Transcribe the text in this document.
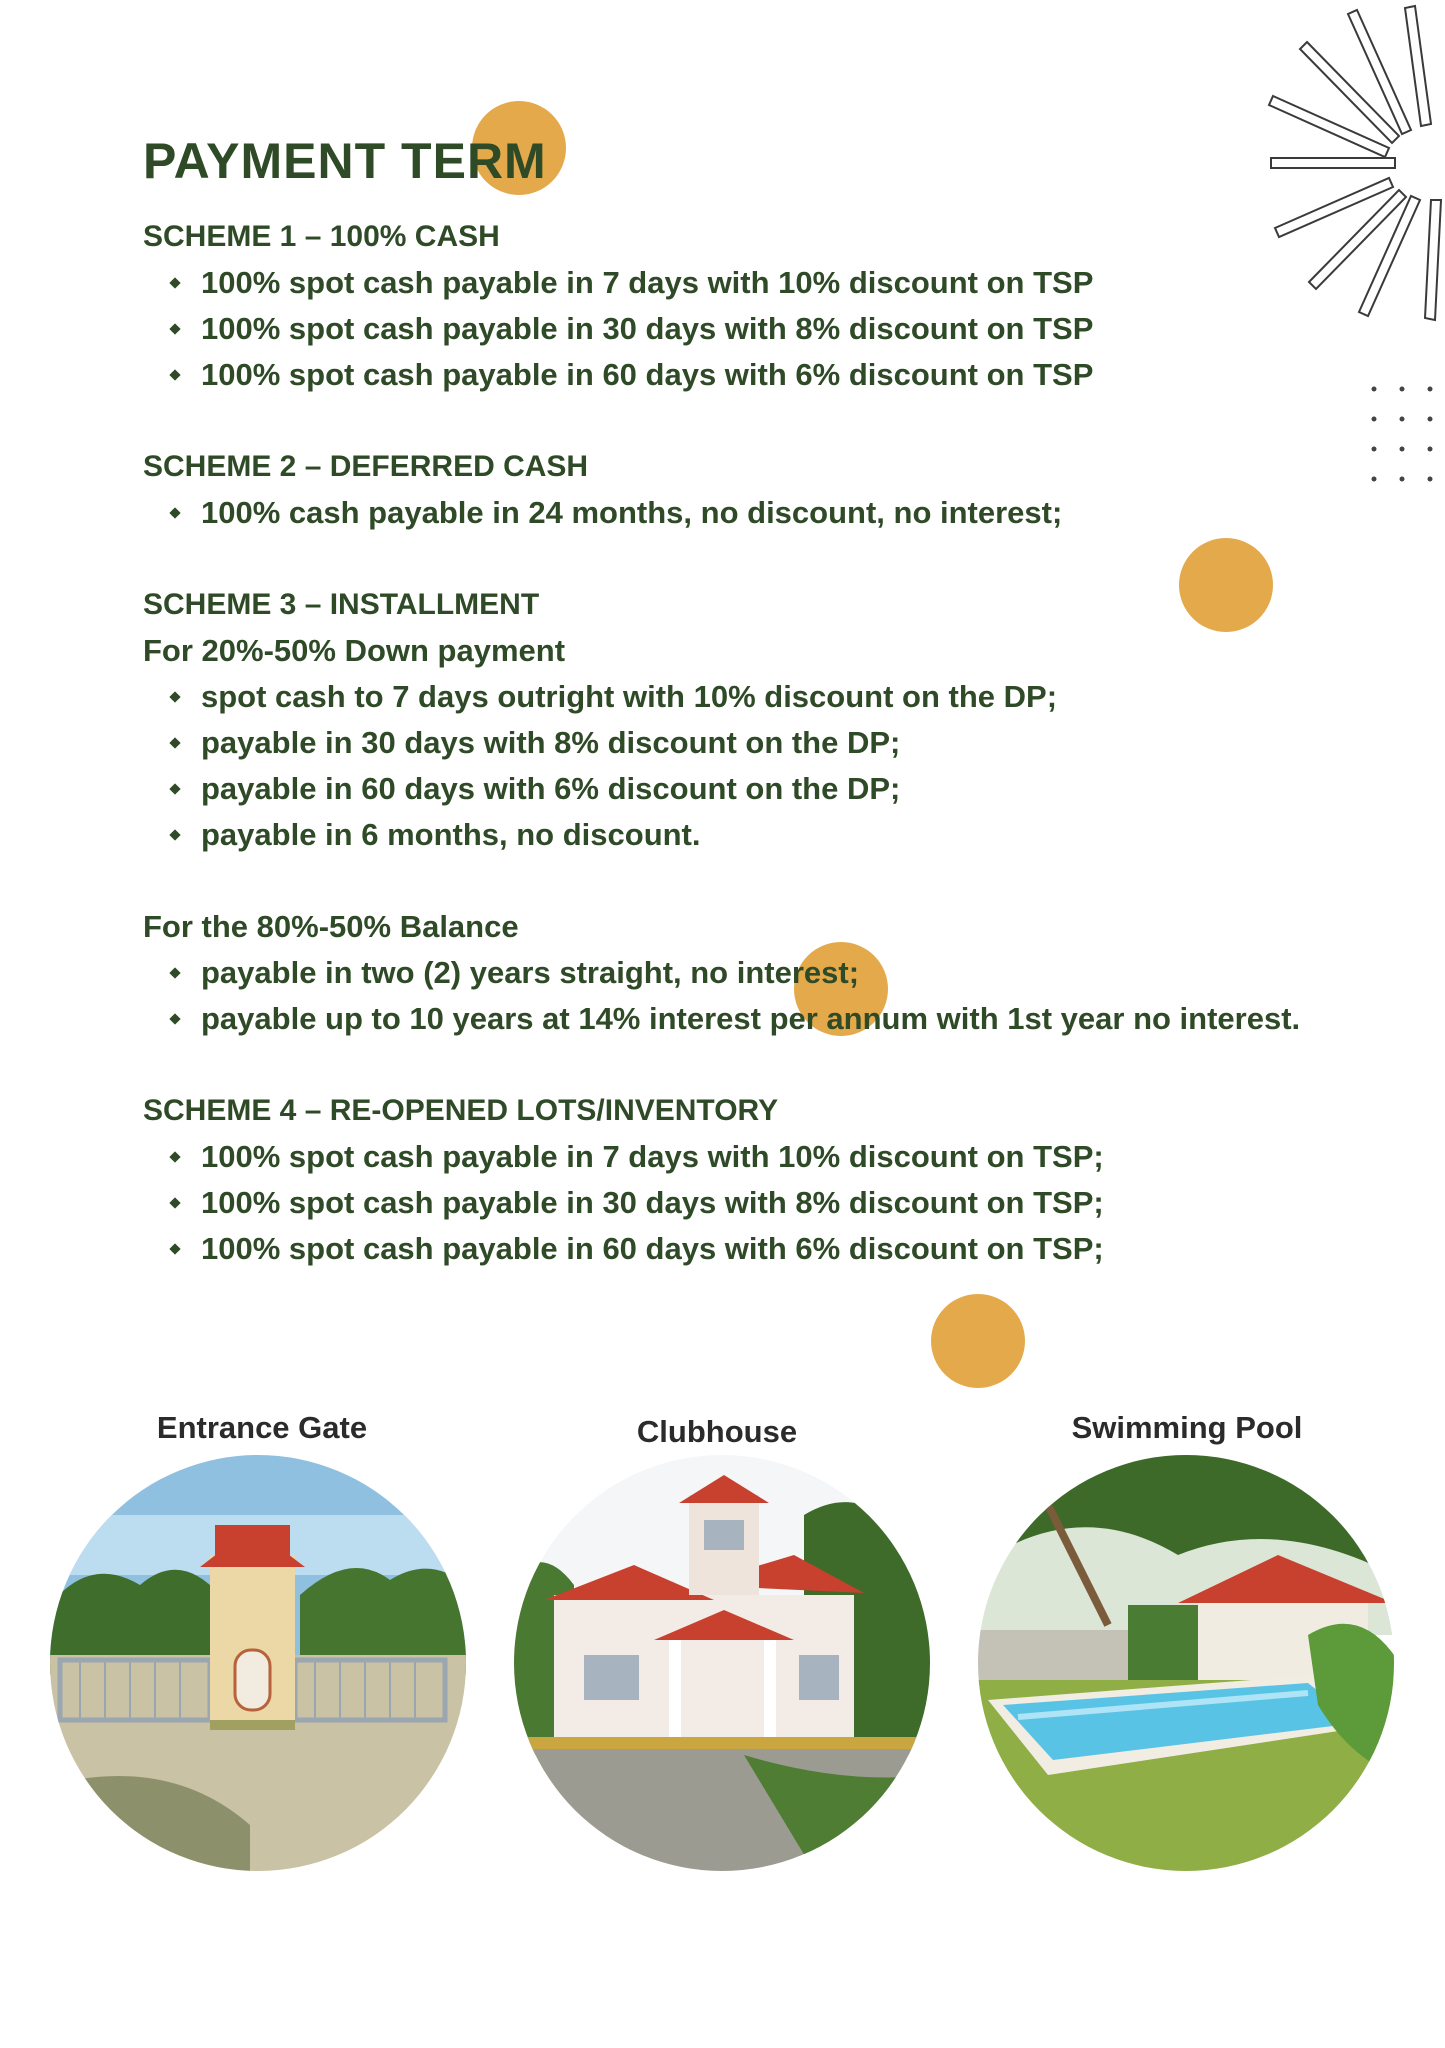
PAYMENT TERM

SCHEME 1 – 100% CASH

100% spot cash payable in 7 days with 10% discount on TSP
100% spot cash payable in 30 days with 8% discount on TSP
100% spot cash payable in 60 days with 6% discount on TSP

SCHEME 2 – DEFERRED CASH

100% cash payable in 24 months, no discount, no interest;

SCHEME 3 – INSTALLMENT

For 20%-50% Down payment

spot cash to 7 days outright with 10% discount on the DP;
payable in 30 days with 8% discount on the DP;
payable in 60 days with 6% discount on the DP;
payable in 6 months, no discount.

For the 80%-50% Balance

payable in two (2) years straight, no interest;
payable up to 10 years at 14% interest per annum with 1st year no interest.

SCHEME 4 – RE-OPENED LOTS/INVENTORY

100% spot cash payable in 7 days with 10% discount on TSP;
100% spot cash payable in 30 days with 8% discount on TSP;
100% spot cash payable in 60 days with 6% discount on TSP;

Entrance Gate	Clubhouse	Swimming Pool
